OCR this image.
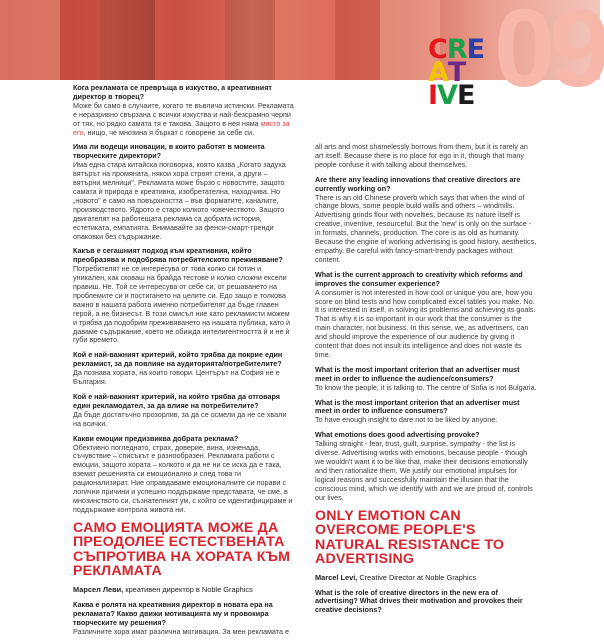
09
C R E
A T
I V E

Кога рекламата се превръща в изкуство, а креативният директор в творец?

Може би само в случаите, когато те въвлича истински. Рекламата е неразривно свързана с всички изкуства и най-безсрамно черпи от тях, но рядко самата тя е такова. Защото в нея няма място за его, нищо, че мнозина я бъркат с говорене за себе си.

Има ли водещи иновации, в които работят в момента творческите директори?

Има една стара китайска поговорка, която казва „Когато задуха вятърът на промяната, някои хора строят стени, а други – вятърни мелници". Рекламата може бързо с новостите, защото самата ѝ природа е креативна, изобретателна, находчива. Но „новото" е само на повърхността – във форматите, каналите, производството. Ядрото е старо колкото човечеството. Защото двигателят на работещата реклама са добрата история, естетиката, емпатията. Внимавайте за фенси-смарт-тренди опаковки без съдържание.

Какъв е сегашният подход към креативния, който преобразява и подобрява потребителското преживяване?

Потребителят не се интересува от това колко си готин и уникален, как сковаш на брайда тестове и колко сложни ексели правиш. Не. Той се интересува от себе си, от решаването на проблемите си и постигането на целите си. Едо защо е толкова важно в нашата работа именно потребителят да бъде главен герой, а не бизнесът. В този смисъл ние като рекламисти можем и трябва да подобрим преживяването на нашата публика, като ѝ даваме съдържание, което не обижда интелигентността ѝ и не ѝ губи времето.

Кой е най-важният критерий, който трябва да покрие един рекламист, за да повлияе на аудиторията/потребителите?

Да познава хората, на които говори. Центърът на София не е България.

Кой е най-важният критерий, на който трябва да отговаря един рекламодател, за да влияе на потребителите?

Да бъде достатъчно прозорлив, за да се осмели да не се хвали на всички.

Какви емоции предизвиква добрата реклама?

Обективно погледнато, страх, доверие, вина, изненада, съчувствие – списъкът е разнообразен. Рекламата работи с емоции, защото хората – колкото и да не ни се иска да е така, вземат решенията си емоционално и след това ги рационализират. Ние оправдаваме емоционалните си порави с логични причини и успешно поддържаме представата, че сме, в мнозинството си, съзнателният ум, с който се идентифицираме и поддържаме контрола живота ни.

САМО ЕМОЦИЯТА МОЖЕ ДА ПРЕОДОЛЕЕ ЕСТЕСТВЕНАТА СЪПРОТИВА НА ХОРАТА КЪМ РЕКЛАМАТА

Марсел Леви, креативен директор в Noble Graphics

Каква е ролята на креативния директор в новата ера на рекламата? Какво движи мотивацията му и провокира творческите му решения?

Различните хора имат различна мотивация. За мен рекламата е

all arts and most shamelessly borrows from them, but it is rarely an art itself. Because there is no place for ego in it, though that many people confuse it with talking about themselves.

Are there any leading innovations that creative directors are currently working on?

There is an old Chinese proverb which says that when the wind of change blows, some people build walls and others – windmills. Advertising grinds flour with novelties, because its nature itself is creative, inventive, resourceful. But the 'new' is only on the surface - in formats, channels, production. The core is as old as humanity. Because the engine of working advertising is good history, aesthetics, empathy. Be careful with fancy-smart-trendy packages without content.

What is the current approach to creativity which reforms and improves the consumer experience?

A consumer is not interested in how cool or unique you are, how you score on blind tests and how complicated excel tables you make. No. It is interested in itself, in solving its problems and achieving its goals. That is why it is so important in our work that the consumer is the main character, not business. In this sense, we, as advertisers, can and should improve the experience of our audience by giving it content that does not insult its intelligence and does not waste its time.

What is the most important criterion that an advertiser must meet in order to influence the audience/consumers?

To know the people, it is talking to. The centre of Sofia is not Bulgaria.

What is the most important criterion that an advertiser must meet in order to influence consumers?

To have enough insight to dare not to be liked by anyone.

What emotions does good advertising provoke?

Talking straight - fear, trust, guilt, surprise, sympathy - the list is diverse. Advertising works with emotions, because people - though we wouldn't want it to be like that, make their decisions emotionally and then rationalize them. We justify our emotional impulses for logical reasons and successfully maintain the illusion that the conscious mind, which we identify with and we are proud of, controls our lives.

ONLY EMOTION CAN OVERCOME PEOPLE'S NATURAL RESISTANCE TO ADVERTISING

Marcel Levi, Creative Director at Noble Graphics

What is the role of creative directors in the new era of advertising? What drives their motivation and provokes their creative decisions?
